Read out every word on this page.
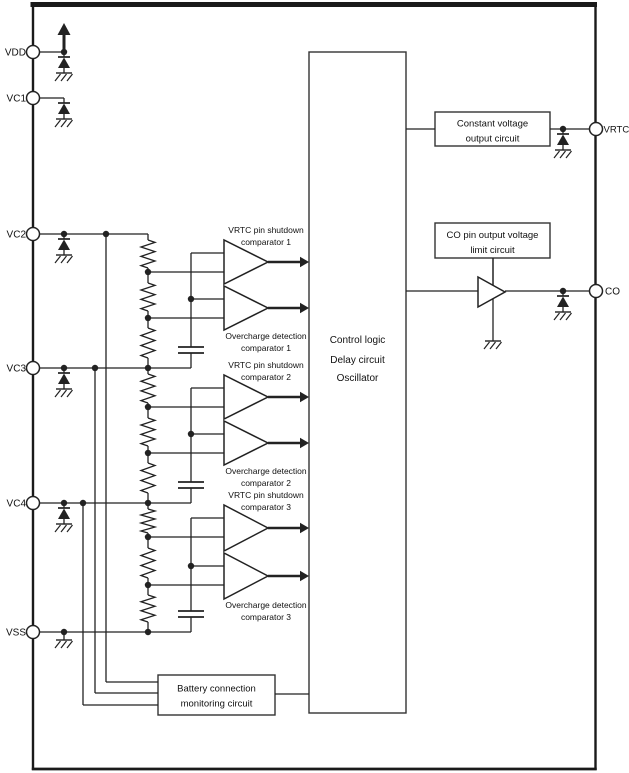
Control logic
Delay circuit
Oscillator
Constant voltage
output circuit
CO pin output voltage
limit circuit
Battery connection
monitoring circuit
VRTC pin shutdown
comparator 1
Overcharge detection
comparator 1
VRTC pin shutdown
comparator 2
Overcharge detection
comparator 2
VRTC pin shutdown
comparator 3
Overcharge detection
comparator 3
VDD
VC1
VC2
VC3
VC4
VSS
VRTC
CO
